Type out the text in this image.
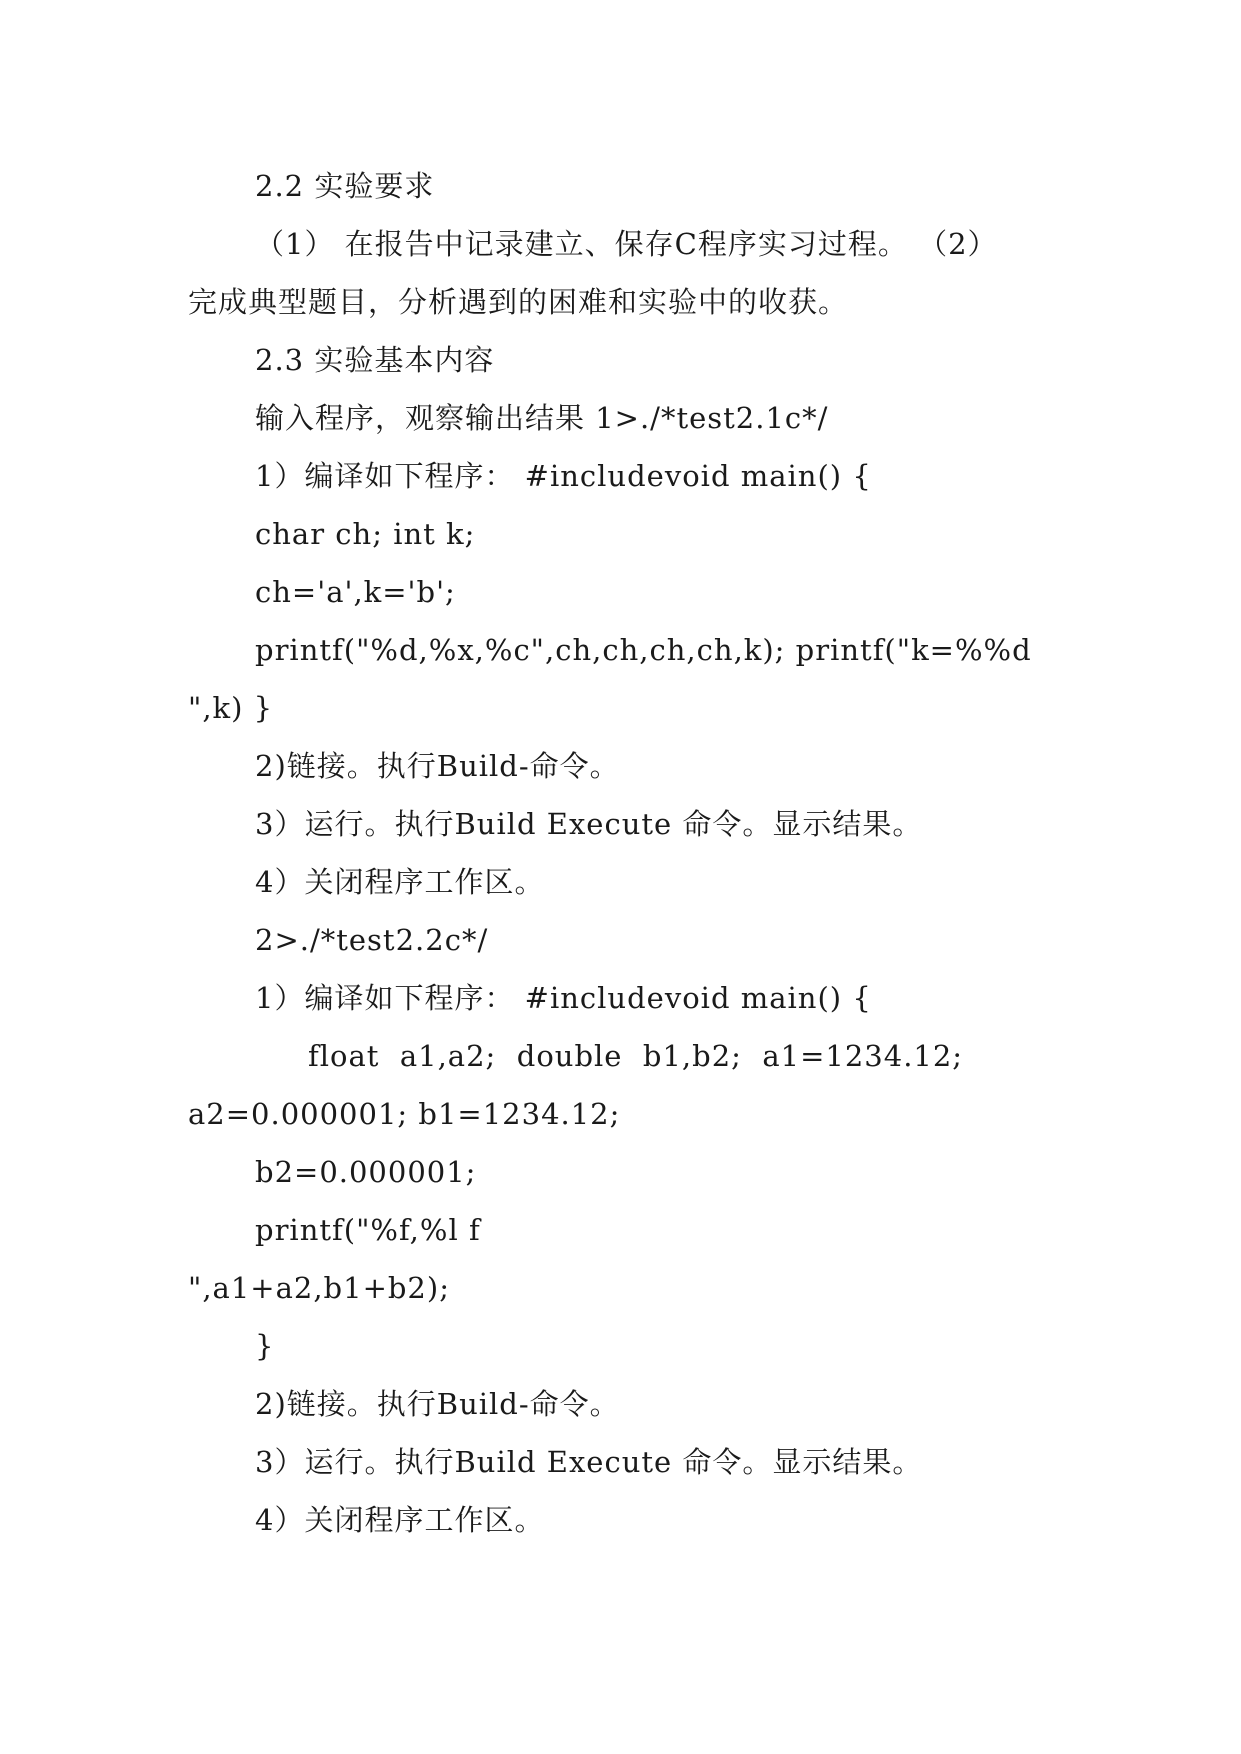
2.2 实验要求
（1） 在报告中记录建立、保存C程序实习过程。 （2）
完成典型题目，分析遇到的困难和实验中的收获。
2.3 实验基本内容
输入程序，观察输出结果 1>./*test2.1c*/
1）编译如下程序： #includevoid main() {
char ch; int k;
ch='a',k='b';
printf("%d,%x,%c",ch,ch,ch,ch,k); printf("k=%%d
",k) }
2)链接。执行Build-命令。
3）运行。执行Build Execute 命令。显示结果。
4）关闭程序工作区。
2>./*test2.2c*/
1）编译如下程序： #includevoid main() {
float  a1,a2;  double  b1,b2;  a1=1234.12;
a2=0.000001; b1=1234.12;
b2=0.000001;
printf("%f,%l f
",a1+a2,b1+b2);
}
2)链接。执行Build-命令。
3）运行。执行Build Execute 命令。显示结果。
4）关闭程序工作区。
